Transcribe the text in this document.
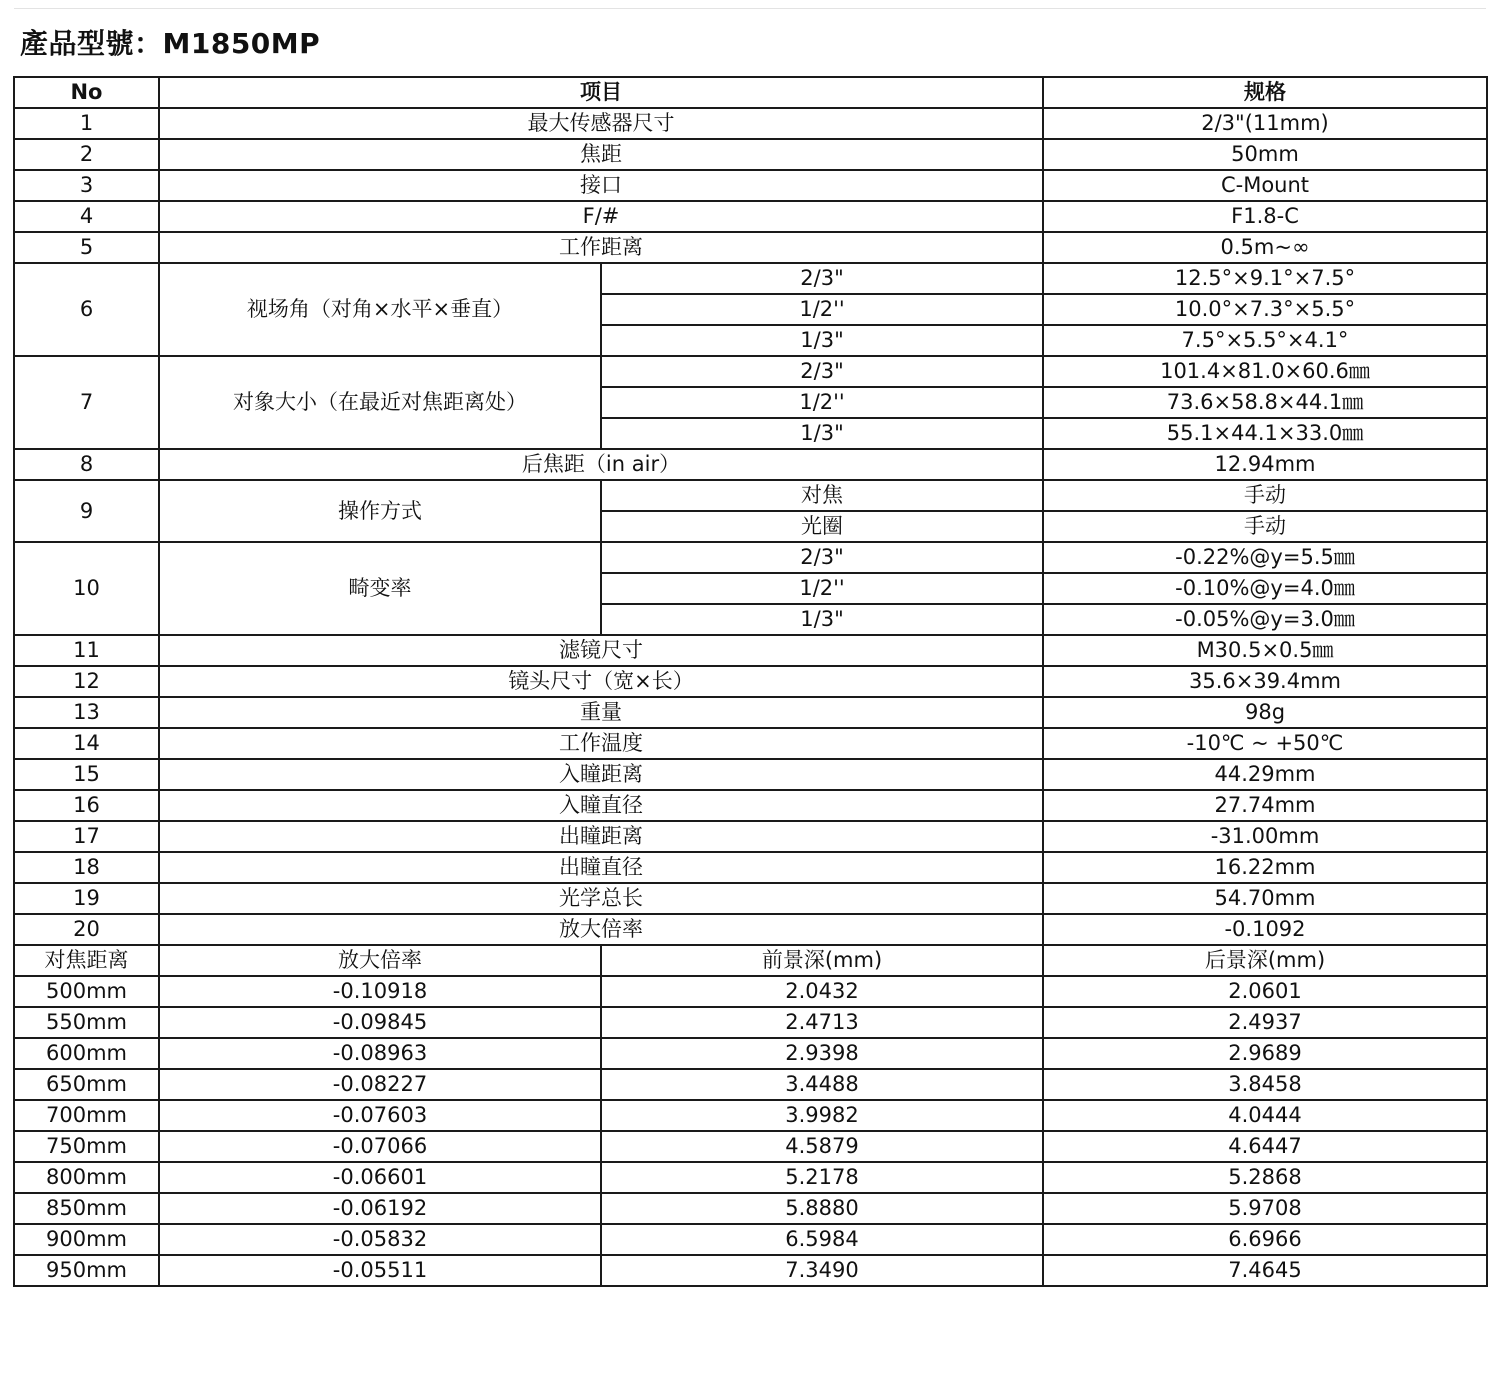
產品型號：M1850MP
No	项目		规格
1	最大传感器尺寸		2/3"(11mm)
2	焦距		50mm
3	接口		C-Mount
4	F/#		F1.8-C
5	工作距离		0.5m~∞
6	视场角（对角×水平×垂直）	2/3"	12.5°×9.1°×7.5°
		1/2''	10.0°×7.3°×5.5°
		1/3"	7.5°×5.5°×4.1°
7	对象大小（在最近对焦距离处）	2/3"	101.4×81.0×60.6㎜
		1/2''	73.6×58.8×44.1㎜
		1/3"	55.1×44.1×33.0㎜
8	后焦距（in air）		12.94mm
9	操作方式	对焦	手动
		光圈	手动
10	畸变率	2/3"	-0.22%@y=5.5㎜
		1/2''	-0.10%@y=4.0㎜
		1/3"	-0.05%@y=3.0㎜
11	滤镜尺寸		M30.5×0.5㎜
12	镜头尺寸（宽×长）		35.6×39.4mm
13	重量		98g
14	工作温度		-10℃ ~ +50℃
15	入瞳距离		44.29mm
16	入瞳直径		27.74mm
17	出瞳距离		-31.00mm
18	出瞳直径		16.22mm
19	光学总长		54.70mm
20	放大倍率		-0.1092
对焦距离	放大倍率	前景深(mm)	后景深(mm)
500mm	-0.10918	2.0432	2.0601
550mm	-0.09845	2.4713	2.4937
600mm	-0.08963	2.9398	2.9689
650mm	-0.08227	3.4488	3.8458
700mm	-0.07603	3.9982	4.0444
750mm	-0.07066	4.5879	4.6447
800mm	-0.06601	5.2178	5.2868
850mm	-0.06192	5.8880	5.9708
900mm	-0.05832	6.5984	6.6966
950mm	-0.05511	7.3490	7.4645
